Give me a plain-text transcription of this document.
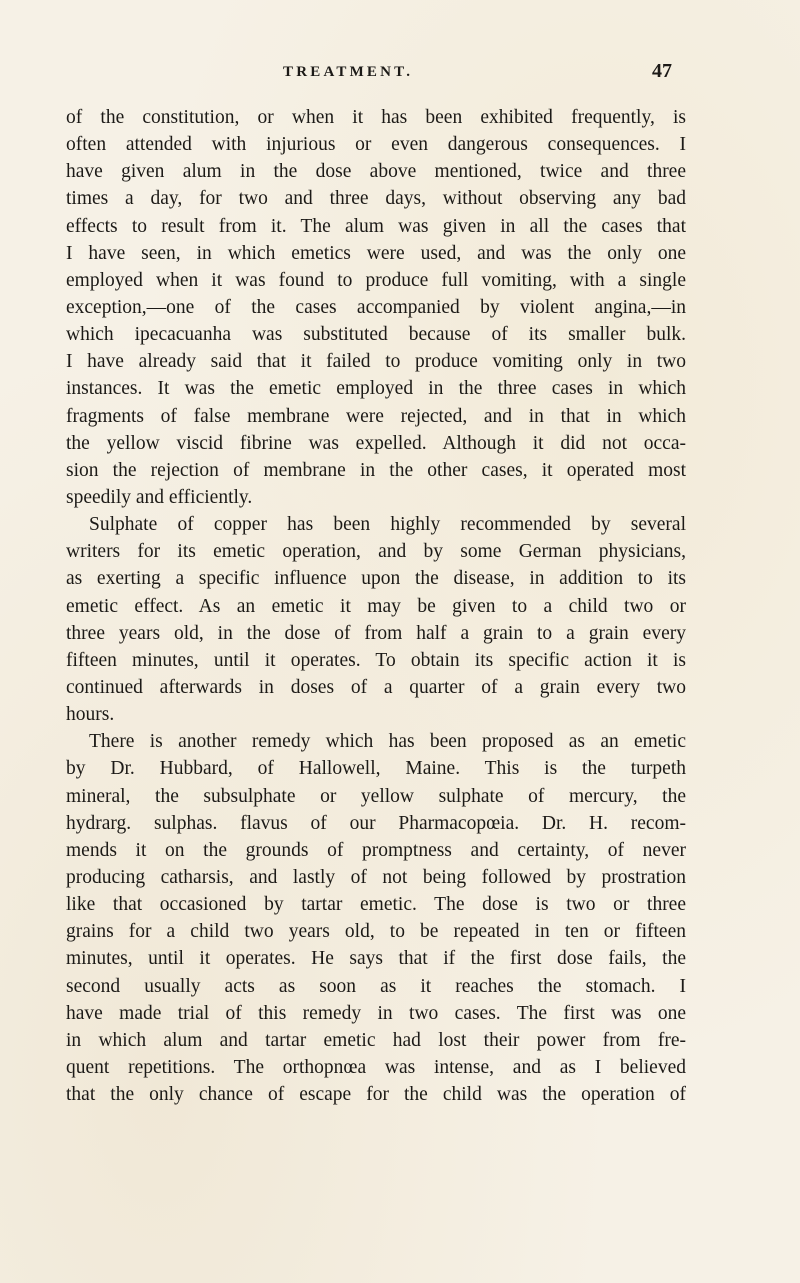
TREATMENT.	47
of the constitution, or when it has been exhibited frequently, is
often attended with injurious or even dangerous consequences. I
have given alum in the dose above mentioned, twice and three
times a day, for two and three days, without observing any bad
effects to result from it. The alum was given in all the cases that
I have seen, in which emetics were used, and was the only one
employed when it was found to produce full vomiting, with a single
exception,—one of the cases accompanied by violent angina,—in
which ipecacuanha was substituted because of its smaller bulk.
I have already said that it failed to produce vomiting only in two
instances. It was the emetic employed in the three cases in which
fragments of false membrane were rejected, and in that in which
the yellow viscid fibrine was expelled. Although it did not occa-
sion the rejection of membrane in the other cases, it operated most
speedily and efficiently.
Sulphate of copper has been highly recommended by several
writers for its emetic operation, and by some German physicians,
as exerting a specific influence upon the disease, in addition to its
emetic effect. As an emetic it may be given to a child two or
three years old, in the dose of from half a grain to a grain every
fifteen minutes, until it operates. To obtain its specific action it is
continued afterwards in doses of a quarter of a grain every two
hours.
There is another remedy which has been proposed as an emetic
by Dr. Hubbard, of Hallowell, Maine. This is the turpeth
mineral, the subsulphate or yellow sulphate of mercury, the
hydrarg. sulphas. flavus of our Pharmacopœia. Dr. H. recom-
mends it on the grounds of promptness and certainty, of never
producing catharsis, and lastly of not being followed by prostration
like that occasioned by tartar emetic. The dose is two or three
grains for a child two years old, to be repeated in ten or fifteen
minutes, until it operates. He says that if the first dose fails, the
second usually acts as soon as it reaches the stomach. I
have made trial of this remedy in two cases. The first was one
in which alum and tartar emetic had lost their power from fre-
quent repetitions. The orthopnœa was intense, and as I believed
that the only chance of escape for the child was the operation of
